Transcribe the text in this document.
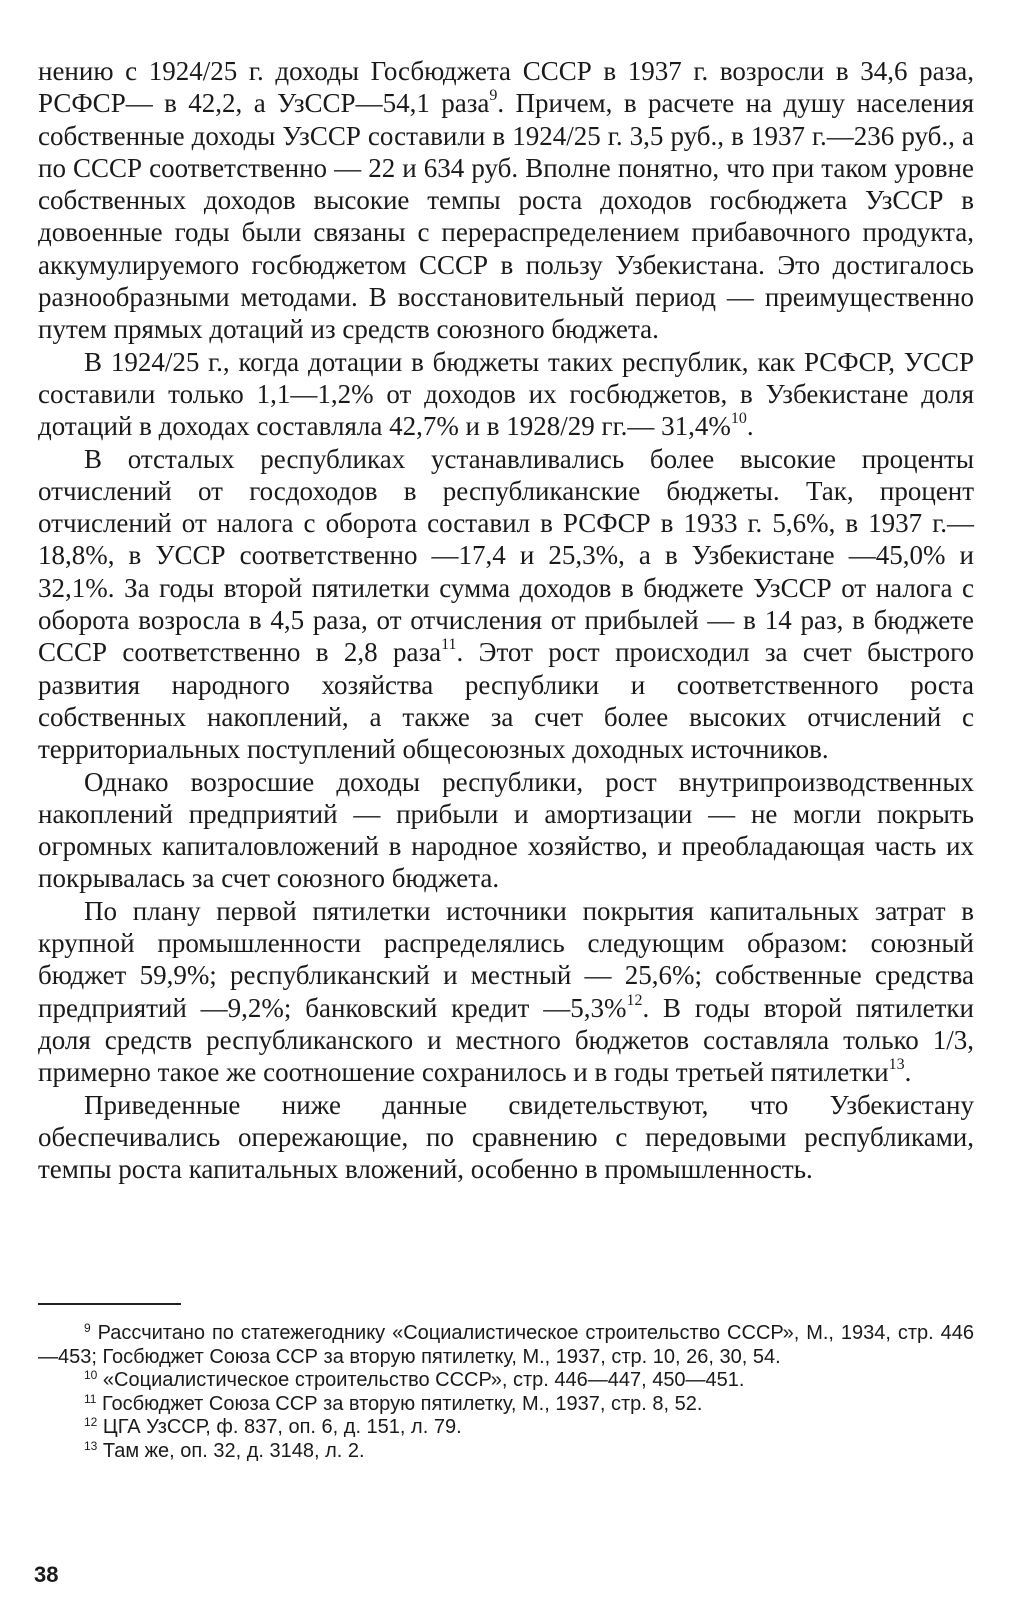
нению с 1924/25 г. доходы Госбюджета СССР в 1937 г. возросли в 34,6 раза, РСФСР— в 42,2, а УзССР—54,1 раза$^9$. Причем, в расчете на душу населения собственные доходы УзССР составили в 1924/25 г. 3,5 руб., в 1937 г.—236 руб., а по СССР соответственно — 22 и 634 руб. Вполне понятно, что при таком уровне собственных доходов высокие темпы роста доходов госбюджета УзССР в довоенные годы были связаны с перераспределением прибавочного продукта, аккумулируемого госбюджетом СССР в пользу Узбекистана. Это достигалось разнообразными методами. В восстановительный период — преимущественно путем прямых дотаций из средств союзного бюджета.

В 1924/25 г., когда дотации в бюджеты таких республик, как РСФСР, УССР составили только 1,1—1,2% от доходов их госбюджетов, в Узбекистане доля дотаций в доходах составляла 42,7% и в 1928/29 гг.— 31,4%$^{10}$.

В отсталых республиках устанавливались более высокие проценты отчислений от госдоходов в республиканские бюджеты. Так, процент отчислений от налога с оборота составил в РСФСР в 1933 г. 5,6%, в 1937 г.—18,8%, в УССР соответственно —17,4 и 25,3%, а в Узбекистане —45,0% и 32,1%. За годы второй пятилетки сумма доходов в бюджете УзССР от налога с оборота возросла в 4,5 раза, от отчисления от прибылей — в 14 раз, в бюджете СССР соответственно в 2,8 раза$^{11}$. Этот рост происходил за счет быстрого развития народного хозяйства республики и соответственного роста собственных накоплений, а также за счет более высоких отчислений с территориальных поступлений общесоюзных доходных источников.

Однако возросшие доходы республики, рост внутрипроизводственных накоплений предприятий — прибыли и амортизации — не могли покрыть огромных капиталовложений в народное хозяйство, и преобладающая часть их покрывалась за счет союзного бюджета.

По плану первой пятилетки источники покрытия капитальных затрат в крупной промышленности распределялись следующим образом: союзный бюджет 59,9%; республиканский и местный — 25,6%; собственные средства предприятий —9,2%; банковский кредит —5,3%$^{12}$. В годы второй пятилетки доля средств республиканского и местного бюджетов составляла только 1/3, примерно такое же соотношение сохранилось и в годы третьей пятилетки$^{13}$.

Приведенные ниже данные свидетельствуют, что Узбекистану обеспечивались опережающие, по сравнению с передовыми республиками, темпы роста капитальных вложений, особенно в промышленность.

$^9$ Рассчитано по статежегоднику «Социалистическое строительство СССР», М., 1934, стр. 446—453; Госбюджет Союза ССР за вторую пятилетку, М., 1937, стр. 10, 26, 30, 54.

$^{10}$ «Социалистическое строительство СССР», стр. 446—447, 450—451.

$^{11}$ Госбюджет Союза ССР за вторую пятилетку, М., 1937, стр. 8, 52.

$^{12}$ ЦГА УзССР, ф. 837, оп. 6, д. 151, л. 79.

$^{13}$ Там же, оп. 32, д. 3148, л. 2.

38
